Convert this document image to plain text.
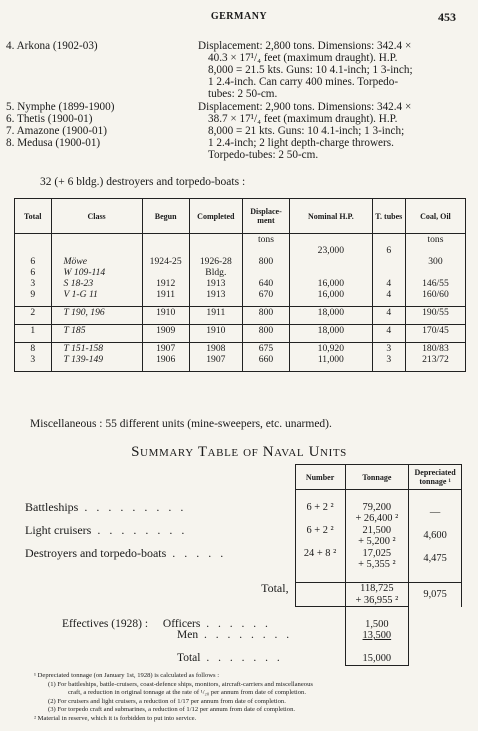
GERMANY	453
4. Arkona (1902-03)	Displacement: 2,800 tons. Dimensions: 342.4 ×
40.3 × 17¹/₄ feet (maximum draught). H.P.
8,000 = 21.5 kts. Guns: 10 4.1-inch; 1 3-inch;
1 2.4-inch. Can carry 400 mines. Torpedo-
tubes: 2 50-cm.
5. Nymphe (1899-1900)
6. Thetis (1900-01)
7. Amazone (1900-01)
8. Medusa (1900-01)
Displacement: 2,900 tons. Dimensions: 342.4 ×
38.7 × 17¹/₄ feet (maximum draught). H.P.
8,000 = 21 kts. Guns: 10 4.1-inch; 1 3-inch;
1 2.4-inch; 2 light depth-charge throwers.
Torpedo-tubes: 2 50-cm.
32 (+ 6 bldg.) destroyers and torpedo-boats :
Total	Class	Begun	Completed	Displace-ment	Nominal H.P.	T. tubes	Coal, Oil
				tons			tons
					23,000	6	
6	Möwe	1924-25	1926-28	800			300
6	W 109-114		Bldg.				
3	S 18-23	1912	1913	640	16,000	4	146/55
9	V 1-G 11	1911	1913	670	16,000	4	160/60

2	T 190, 196	1910	1911	800	18,000	4	190/55

1	T 185	1909	1910	800	18,000	4	170/45

8	T 151-158	1907	1908	675	10,920	3	180/83
3	T 139-149	1906	1907	660	11,000	3	213/72

Miscellaneous : 55 different units (mine-sweepers, etc. unarmed).
Summary Table of Naval Units
	Number	Tonnage	Depreciated tonnage ¹

Battleships . . . . . . . . .	6 + 2 ²	79,200	—
		+ 26,400 ²	
Light cruisers . . . . . . . .	6 + 2 ²	21,500	4,600
		+ 5,200 ²	
Destroyers and torpedo-boats . . . . .	24 + 8 ²	17,025	4,475
		+ 5,355 ²	

Total,		118,725	9,075
		+ 36,955 ²	

Effectives (1928) : Officers . . . . . .		1,500	
Men . . . . . . . .		13,500	

Total . . . . . . .		15,000	
¹ Depreciated tonnage (on January 1st, 1928) is calculated as follows :
(1) For battleships, battle-cruisers, coast-defence ships, monitors, aircraft-carriers and miscellaneous
craft, a reduction in original tonnage at the rate of ¹/₂₀ per annum from date of completion.
(2) For cruisers and light cruisers, a reduction of 1/17 per annum from date of completion.
(3) For torpedo craft and submarines, a reduction of 1/12 per annum from date of completion.
² Material in reserve, which it is forbidden to put into service.
